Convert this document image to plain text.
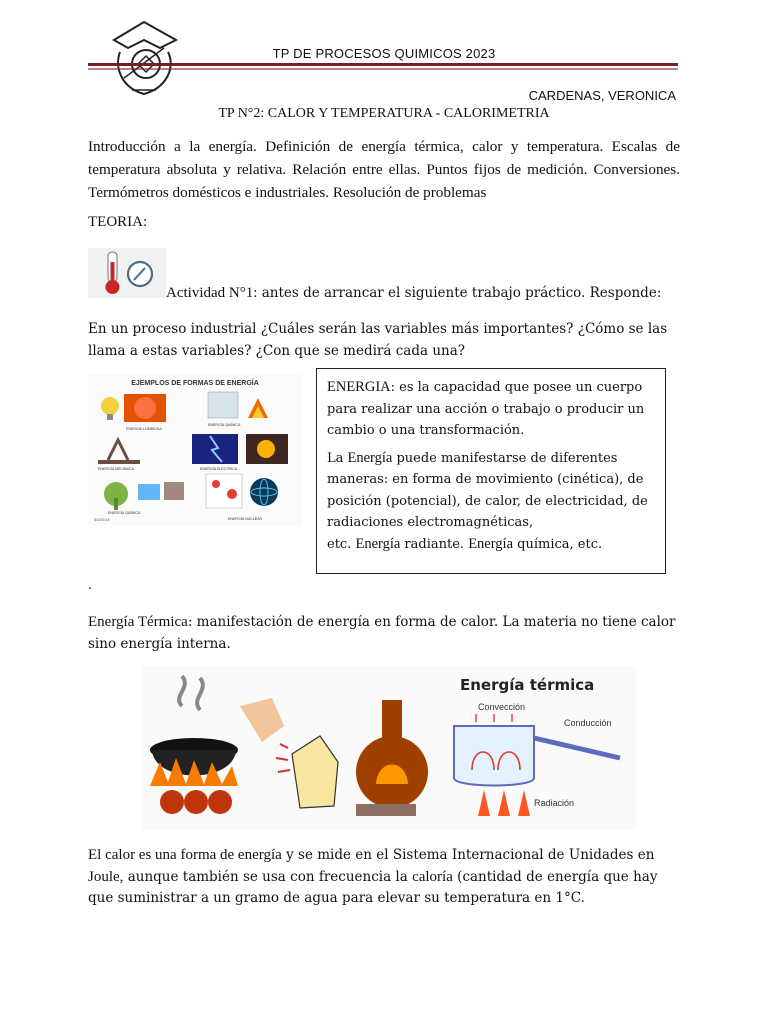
TP DE PROCESOS QUIMICOS 2023
CARDENAS, VERONICA
TP N°2: CALOR Y TEMPERATURA - CALORIMETRIA
Introducción a la energía. Definición de energía térmica, calor y temperatura. Escalas de temperatura absoluta y relativa. Relación entre ellas. Puntos fijos de medición. Conversiones. Termómetros domésticos e industriales. Resolución de problemas
TEORIA:
Actividad N°1: antes de arrancar el siguiente trabajo práctico. Responde:
En un proceso industrial ¿Cuáles serán las variables más importantes? ¿Cómo se las llama a estas variables? ¿Con que se medirá cada una?
EJEMPLOS DE FORMAS DE ENERGÍA
ENERGÍA LUMINOSA
ENERGÍA QUÍMICA
ENERGÍA MECÁNICA	ENERGÍA ELÉCTRICA
ENERGÍA QUÍMICA
ENERGÍA NUCLEAR
30/23/14

ENERGIA: es la capacidad que posee un cuerpo para realizar una acción o trabajo o producir un cambio o una transformación.

La Energía puede manifestarse de diferentes maneras: en forma de movimiento (cinética), de posición (potencial), de calor, de electricidad, de radiaciones electromagnéticas,

etc. Energía radiante. Energía química, etc.

.
Energía Térmica: manifestación de energía en forma de calor. La materia no tiene calor sino energía interna.
Energía térmica
Convección
Conducción
Radiación
El calor es una forma de energía y se mide en el Sistema Internacional de Unidades en Joule, aunque también se usa con frecuencia la caloría (cantidad de energía que hay que suministrar a un gramo de agua para elevar su temperatura en 1°C.
